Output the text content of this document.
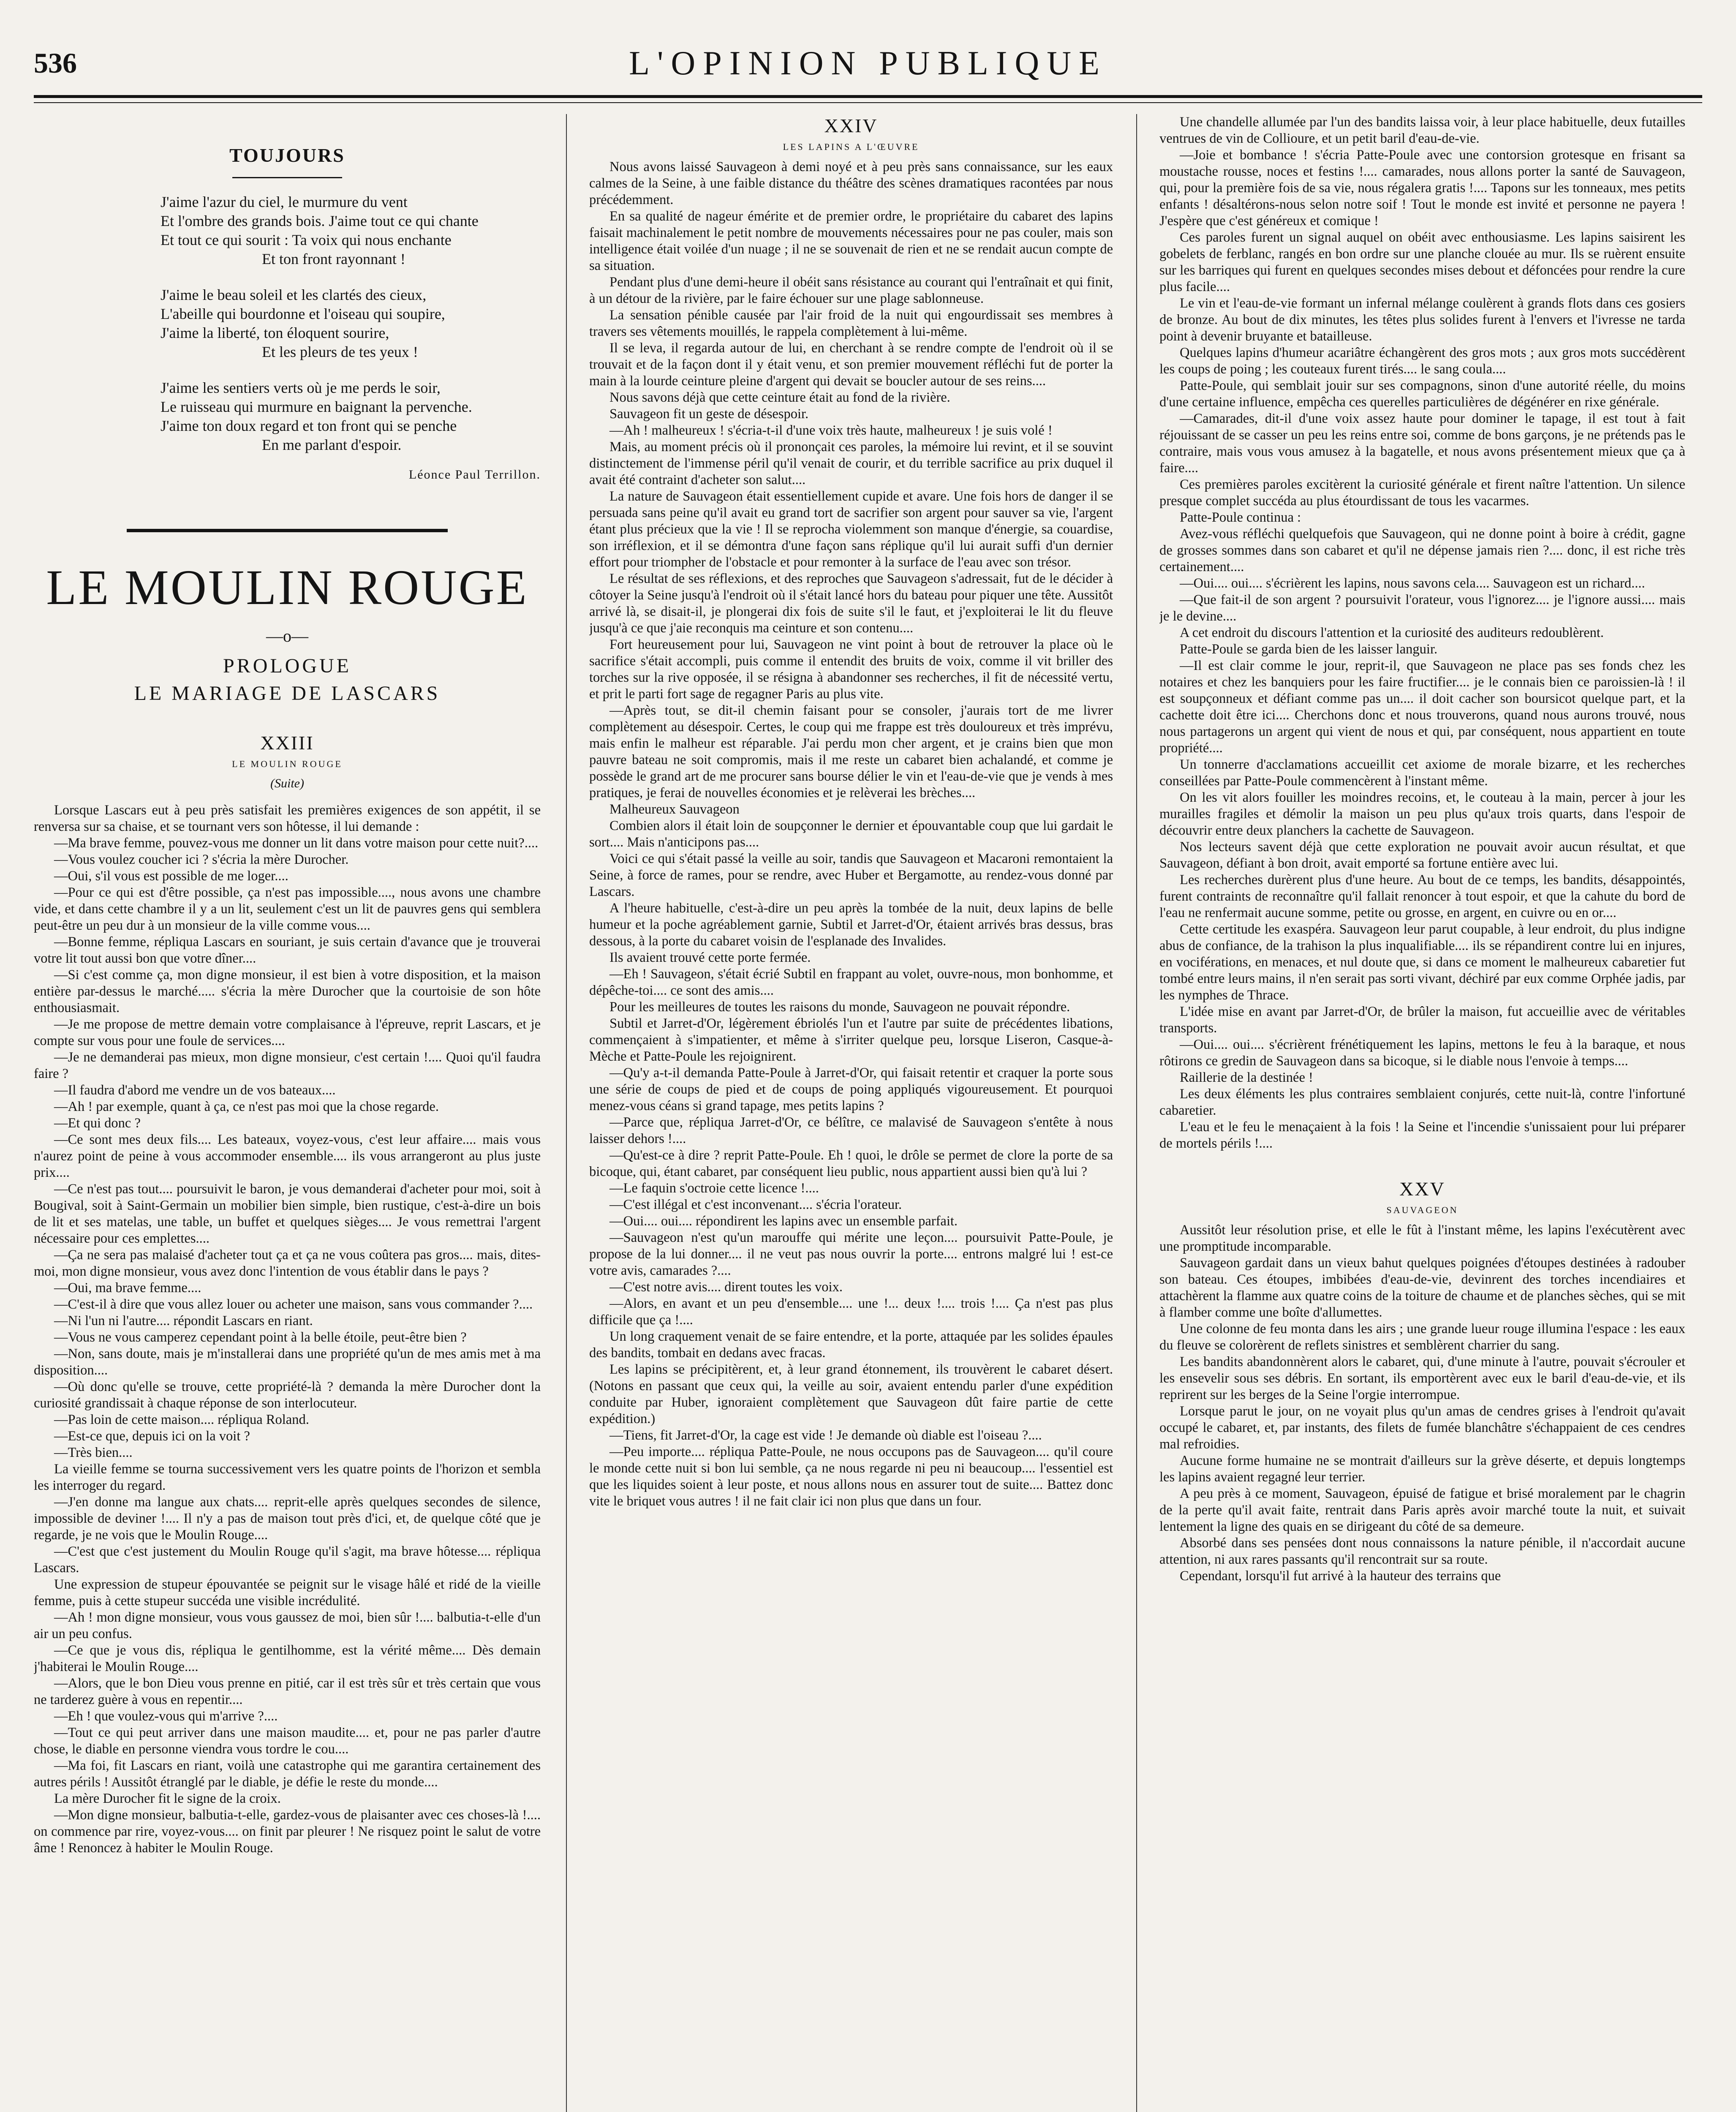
536	L'OPINION PUBLIQUE
TOUJOURS
J'aime l'azur du ciel, le murmure du vent
Et l'ombre des grands bois. J'aime tout ce qui chante
Et tout ce qui sourit : Ta voix qui nous enchante
Et ton front rayonnant !
J'aime le beau soleil et les clartés des cieux,
L'abeille qui bourdonne et l'oiseau qui soupire,
J'aime la liberté, ton éloquent sourire,
Et les pleurs de tes yeux !
J'aime les sentiers verts où je me perds le soir,
Le ruisseau qui murmure en baignant la pervenche.
J'aime ton doux regard et ton front qui se penche
En me parlant d'espoir.
Léonce Paul Terrillon.
LE MOULIN ROUGE
—o—
PROLOGUE
LE MARIAGE DE LASCARS
XXIII
LE MOULIN ROUGE
(Suite)

Lorsque Lascars eut à peu près satisfait les premières exigences de son appétit, il se renversa sur sa chaise, et se tournant vers son hôtesse, il lui demande :

—Ma brave femme, pouvez-vous me donner un lit dans votre maison pour cette nuit?....

—Vous voulez coucher ici ? s'écria la mère Durocher.

—Oui, s'il vous est possible de me loger....

—Pour ce qui est d'être possible, ça n'est pas impossible...., nous avons une chambre vide, et dans cette chambre il y a un lit, seulement c'est un lit de pauvres gens qui semblera peut-être un peu dur à un monsieur de la ville comme vous....

—Bonne femme, répliqua Lascars en souriant, je suis certain d'avance que je trouverai votre lit tout aussi bon que votre dîner....

—Si c'est comme ça, mon digne monsieur, il est bien à votre disposition, et la maison entière par-dessus le marché..... s'écria la mère Durocher que la courtoisie de son hôte enthousiasmait.

—Je me propose de mettre demain votre complaisance à l'épreuve, reprit Lascars, et je compte sur vous pour une foule de services....

—Je ne demanderai pas mieux, mon digne monsieur, c'est certain !.... Quoi qu'il faudra faire ?

—Il faudra d'abord me vendre un de vos bateaux....

—Ah ! par exemple, quant à ça, ce n'est pas moi que la chose regarde.

—Et qui donc ?

—Ce sont mes deux fils.... Les bateaux, voyez-vous, c'est leur affaire.... mais vous n'aurez point de peine à vous accommoder ensemble.... ils vous arrangeront au plus juste prix....

—Ce n'est pas tout.... poursuivit le baron, je vous demanderai d'acheter pour moi, soit à Bougival, soit à Saint-Germain un mobilier bien simple, bien rustique, c'est-à-dire un bois de lit et ses matelas, une table, un buffet et quelques sièges.... Je vous remettrai l'argent nécessaire pour ces emplettes....

—Ça ne sera pas malaisé d'acheter tout ça et ça ne vous coûtera pas gros.... mais, dites-moi, mon digne monsieur, vous avez donc l'intention de vous établir dans le pays ?

—Oui, ma brave femme....

—C'est-il à dire que vous allez louer ou acheter une maison, sans vous commander ?....

—Ni l'un ni l'autre.... répondit Lascars en riant.

—Vous ne vous camperez cependant point à la belle étoile, peut-être bien ?

—Non, sans doute, mais je m'installerai dans une propriété qu'un de mes amis met à ma disposition....

—Où donc qu'elle se trouve, cette propriété-là ? demanda la mère Durocher dont la curiosité grandissait à chaque réponse de son interlocuteur.

—Pas loin de cette maison.... répliqua Roland.

—Est-ce que, depuis ici on la voit ?

—Très bien....

La vieille femme se tourna successivement vers les quatre points de l'horizon et sembla les interroger du regard.

—J'en donne ma langue aux chats.... reprit-elle après quelques secondes de silence, impossible de deviner !.... Il n'y a pas de maison tout près d'ici, et, de quelque côté que je regarde, je ne vois que le Moulin Rouge....

—C'est que c'est justement du Moulin Rouge qu'il s'agit, ma brave hôtesse.... répliqua Lascars.

Une expression de stupeur épouvantée se peignit sur le visage hâlé et ridé de la vieille femme, puis à cette stupeur succéda une visible incrédulité.

—Ah ! mon digne monsieur, vous vous gaussez de moi, bien sûr !.... balbutia-t-elle d'un air un peu confus.

—Ce que je vous dis, répliqua le gentilhomme, est la vérité même.... Dès demain j'habiterai le Moulin Rouge....

—Alors, que le bon Dieu vous prenne en pitié, car il est très sûr et très certain que vous ne tarderez guère à vous en repentir....

—Eh ! que voulez-vous qui m'arrive ?....

—Tout ce qui peut arriver dans une maison maudite.... et, pour ne pas parler d'autre chose, le diable en personne viendra vous tordre le cou....

—Ma foi, fit Lascars en riant, voilà une catastrophe qui me garantira certainement des autres périls ! Aussitôt étranglé par le diable, je défie le reste du monde....

La mère Durocher fit le signe de la croix.

—Mon digne monsieur, balbutia-t-elle, gardez-vous de plaisanter avec ces choses-là !.... on commence par rire, voyez-vous.... on finit par pleurer ! Ne risquez point le salut de votre âme ! Renoncez à habiter le Moulin Rouge.

XXIV
LES LAPINS A L'ŒUVRE

Nous avons laissé Sauvageon à demi noyé et à peu près sans connaissance, sur les eaux calmes de la Seine, à une faible distance du théâtre des scènes dramatiques racontées par nous précédemment.

En sa qualité de nageur émérite et de premier ordre, le propriétaire du cabaret des lapins faisait machinalement le petit nombre de mouvements nécessaires pour ne pas couler, mais son intelligence était voilée d'un nuage ; il ne se souvenait de rien et ne se rendait aucun compte de sa situation.

Pendant plus d'une demi-heure il obéit sans résistance au courant qui l'entraînait et qui finit, à un détour de la rivière, par le faire échouer sur une plage sablonneuse.

La sensation pénible causée par l'air froid de la nuit qui engourdissait ses membres à travers ses vêtements mouillés, le rappela complètement à lui-même.

Il se leva, il regarda autour de lui, en cherchant à se rendre compte de l'endroit où il se trouvait et de la façon dont il y était venu, et son premier mouvement réfléchi fut de porter la main à la lourde ceinture pleine d'argent qui devait se boucler autour de ses reins....

Nous savons déjà que cette ceinture était au fond de la rivière.

Sauvageon fit un geste de désespoir.

—Ah ! malheureux ! s'écria-t-il d'une voix très haute, malheureux ! je suis volé !

Mais, au moment précis où il prononçait ces paroles, la mémoire lui revint, et il se souvint distinctement de l'immense péril qu'il venait de courir, et du terrible sacrifice au prix duquel il avait été contraint d'acheter son salut....

La nature de Sauvageon était essentiellement cupide et avare. Une fois hors de danger il se persuada sans peine qu'il avait eu grand tort de sacrifier son argent pour sauver sa vie, l'argent étant plus précieux que la vie ! Il se reprocha violemment son manque d'énergie, sa couardise, son irréflexion, et il se démontra d'une façon sans réplique qu'il lui aurait suffi d'un dernier effort pour triompher de l'obstacle et pour remonter à la surface de l'eau avec son trésor.

Le résultat de ses réflexions, et des reproches que Sauvageon s'adressait, fut de le décider à côtoyer la Seine jusqu'à l'endroit où il s'était lancé hors du bateau pour piquer une tête. Aussitôt arrivé là, se disait-il, je plongerai dix fois de suite s'il le faut, et j'exploiterai le lit du fleuve jusqu'à ce que j'aie reconquis ma ceinture et son contenu....

Fort heureusement pour lui, Sauvageon ne vint point à bout de retrouver la place où le sacrifice s'était accompli, puis comme il entendit des bruits de voix, comme il vit briller des torches sur la rive opposée, il se résigna à abandonner ses recherches, il fit de nécessité vertu, et prit le parti fort sage de regagner Paris au plus vite.

—Après tout, se dit-il chemin faisant pour se consoler, j'aurais tort de me livrer complètement au désespoir. Certes, le coup qui me frappe est très douloureux et très imprévu, mais enfin le malheur est réparable. J'ai perdu mon cher argent, et je crains bien que mon pauvre bateau ne soit compromis, mais il me reste un cabaret bien achalandé, et comme je possède le grand art de me procurer sans bourse délier le vin et l'eau-de-vie que je vends à mes pratiques, je ferai de nouvelles économies et je relèverai les brèches....

Malheureux Sauvageon

Combien alors il était loin de soupçonner le dernier et épouvantable coup que lui gardait le sort.... Mais n'anticipons pas....

Voici ce qui s'était passé la veille au soir, tandis que Sauvageon et Macaroni remontaient la Seine, à force de rames, pour se rendre, avec Huber et Bergamotte, au rendez-vous donné par Lascars.

A l'heure habituelle, c'est-à-dire un peu après la tombée de la nuit, deux lapins de belle humeur et la poche agréablement garnie, Subtil et Jarret-d'Or, étaient arrivés bras dessus, bras dessous, à la porte du cabaret voisin de l'esplanade des Invalides.

Ils avaient trouvé cette porte fermée.

—Eh ! Sauvageon, s'était écrié Subtil en frappant au volet, ouvre-nous, mon bonhomme, et dépêche-toi.... ce sont des amis....

Pour les meilleures de toutes les raisons du monde, Sauvageon ne pouvait répondre.

Subtil et Jarret-d'Or, légèrement ébriolés l'un et l'autre par suite de précédentes libations, commençaient à s'impatienter, et même à s'irriter quelque peu, lorsque Liseron, Casque-à-Mèche et Patte-Poule les rejoignirent.

—Qu'y a-t-il demanda Patte-Poule à Jarret-d'Or, qui faisait retentir et craquer la porte sous une série de coups de pied et de coups de poing appliqués vigoureusement. Et pourquoi menez-vous céans si grand tapage, mes petits lapins ?

—Parce que, répliqua Jarret-d'Or, ce bélître, ce malavisé de Sauvageon s'entête à nous laisser dehors !....

—Qu'est-ce à dire ? reprit Patte-Poule. Eh ! quoi, le drôle se permet de clore la porte de sa bicoque, qui, étant cabaret, par conséquent lieu public, nous appartient aussi bien qu'à lui ?

—Le faquin s'octroie cette licence !....

—C'est illégal et c'est inconvenant.... s'écria l'orateur.

—Oui.... oui.... répondirent les lapins avec un ensemble parfait.

—Sauvageon n'est qu'un marouffe qui mérite une leçon.... poursuivit Patte-Poule, je propose de la lui donner.... il ne veut pas nous ouvrir la porte.... entrons malgré lui ! est-ce votre avis, camarades ?....

—C'est notre avis.... dirent toutes les voix.

—Alors, en avant et un peu d'ensemble.... une !... deux !.... trois !.... Ça n'est pas plus difficile que ça !....

Un long craquement venait de se faire entendre, et la porte, attaquée par les solides épaules des bandits, tombait en dedans avec fracas.

Les lapins se précipitèrent, et, à leur grand étonnement, ils trouvèrent le cabaret désert. (Notons en passant que ceux qui, la veille au soir, avaient entendu parler d'une expédition conduite par Huber, ignoraient complètement que Sauvageon dût faire partie de cette expédition.)

—Tiens, fit Jarret-d'Or, la cage est vide ! Je demande où diable est l'oiseau ?....

—Peu importe.... répliqua Patte-Poule, ne nous occupons pas de Sauvageon.... qu'il coure le monde cette nuit si bon lui semble, ça ne nous regarde ni peu ni beaucoup.... l'essentiel est que les liquides soient à leur poste, et nous allons nous en assurer tout de suite.... Battez donc vite le briquet vous autres ! il ne fait clair ici non plus que dans un four.

Une chandelle allumée par l'un des bandits laissa voir, à leur place habituelle, deux futailles ventrues de vin de Collioure, et un petit baril d'eau-de-vie.

—Joie et bombance ! s'écria Patte-Poule avec une contorsion grotesque en frisant sa moustache rousse, noces et festins !.... camarades, nous allons porter la santé de Sauvageon, qui, pour la première fois de sa vie, nous régalera gratis !.... Tapons sur les tonneaux, mes petits enfants ! désaltérons-nous selon notre soif ! Tout le monde est invité et personne ne payera ! J'espère que c'est généreux et comique !

Ces paroles furent un signal auquel on obéit avec enthousiasme. Les lapins saisirent les gobelets de ferblanc, rangés en bon ordre sur une planche clouée au mur. Ils se ruèrent ensuite sur les barriques qui furent en quelques secondes mises debout et défoncées pour rendre la cure plus facile....

Le vin et l'eau-de-vie formant un infernal mélange coulèrent à grands flots dans ces gosiers de bronze. Au bout de dix minutes, les têtes plus solides furent à l'envers et l'ivresse ne tarda point à devenir bruyante et batailleuse.

Quelques lapins d'humeur acariâtre échangèrent des gros mots ; aux gros mots succédèrent les coups de poing ; les couteaux furent tirés.... le sang coula....

Patte-Poule, qui semblait jouir sur ses compagnons, sinon d'une autorité réelle, du moins d'une certaine influence, empêcha ces querelles particulières de dégénérer en rixe générale.

—Camarades, dit-il d'une voix assez haute pour dominer le tapage, il est tout à fait réjouissant de se casser un peu les reins entre soi, comme de bons garçons, je ne prétends pas le contraire, mais vous vous amusez à la bagatelle, et nous avons présentement mieux que ça à faire....

Ces premières paroles excitèrent la curiosité générale et firent naître l'attention. Un silence presque complet succéda au plus étourdissant de tous les vacarmes.

Patte-Poule continua :

Avez-vous réfléchi quelquefois que Sauvageon, qui ne donne point à boire à crédit, gagne de grosses sommes dans son cabaret et qu'il ne dépense jamais rien ?.... donc, il est riche très certainement....

—Oui.... oui.... s'écrièrent les lapins, nous savons cela.... Sauvageon est un richard....

—Que fait-il de son argent ? poursuivit l'orateur, vous l'ignorez.... je l'ignore aussi.... mais je le devine....

A cet endroit du discours l'attention et la curiosité des auditeurs redoublèrent.

Patte-Poule se garda bien de les laisser languir.

—Il est clair comme le jour, reprit-il, que Sauvageon ne place pas ses fonds chez les notaires et chez les banquiers pour les faire fructifier.... je le connais bien ce paroissien-là ! il est soupçonneux et défiant comme pas un.... il doit cacher son boursicot quelque part, et la cachette doit être ici.... Cherchons donc et nous trouverons, quand nous aurons trouvé, nous nous partagerons un argent qui vient de nous et qui, par conséquent, nous appartient en toute propriété....

Un tonnerre d'acclamations accueillit cet axiome de morale bizarre, et les recherches conseillées par Patte-Poule commencèrent à l'instant même.

On les vit alors fouiller les moindres recoins, et, le couteau à la main, percer à jour les murailles fragiles et démolir la maison un peu plus qu'aux trois quarts, dans l'espoir de découvrir entre deux planchers la cachette de Sauvageon.

Nos lecteurs savent déjà que cette exploration ne pouvait avoir aucun résultat, et que Sauvageon, défiant à bon droit, avait emporté sa fortune entière avec lui.

Les recherches durèrent plus d'une heure. Au bout de ce temps, les bandits, désappointés, furent contraints de reconnaître qu'il fallait renoncer à tout espoir, et que la cahute du bord de l'eau ne renfermait aucune somme, petite ou grosse, en argent, en cuivre ou en or....

Cette certitude les exaspéra. Sauvageon leur parut coupable, à leur endroit, du plus indigne abus de confiance, de la trahison la plus inqualifiable.... ils se répandirent contre lui en injures, en vociférations, en menaces, et nul doute que, si dans ce moment le malheureux cabaretier fut tombé entre leurs mains, il n'en serait pas sorti vivant, déchiré par eux comme Orphée jadis, par les nymphes de Thrace.

L'idée mise en avant par Jarret-d'Or, de brûler la maison, fut accueillie avec de véritables transports.

—Oui.... oui.... s'écrièrent frénétiquement les lapins, mettons le feu à la baraque, et nous rôtirons ce gredin de Sauvageon dans sa bicoque, si le diable nous l'envoie à temps....

Raillerie de la destinée !

Les deux éléments les plus contraires semblaient conjurés, cette nuit-là, contre l'infortuné cabaretier.

L'eau et le feu le menaçaient à la fois ! la Seine et l'incendie s'unissaient pour lui préparer de mortels périls !....

XXV
SAUVAGEON

Aussitôt leur résolution prise, et elle le fût à l'instant même, les lapins l'exécutèrent avec une promptitude incomparable.

Sauvageon gardait dans un vieux bahut quelques poignées d'étoupes destinées à radouber son bateau. Ces étoupes, imbibées d'eau-de-vie, devinrent des torches incendiaires et attachèrent la flamme aux quatre coins de la toiture de chaume et de planches sèches, qui se mit à flamber comme une boîte d'allumettes.

Une colonne de feu monta dans les airs ; une grande lueur rouge illumina l'espace : les eaux du fleuve se colorèrent de reflets sinistres et semblèrent charrier du sang.

Les bandits abandonnèrent alors le cabaret, qui, d'une minute à l'autre, pouvait s'écrouler et les ensevelir sous ses débris. En sortant, ils emportèrent avec eux le baril d'eau-de-vie, et ils reprirent sur les berges de la Seine l'orgie interrompue.

Lorsque parut le jour, on ne voyait plus qu'un amas de cendres grises à l'endroit qu'avait occupé le cabaret, et, par instants, des filets de fumée blanchâtre s'échappaient de ces cendres mal refroidies.

Aucune forme humaine ne se montrait d'ailleurs sur la grève déserte, et depuis longtemps les lapins avaient regagné leur terrier.

A peu près à ce moment, Sauvageon, épuisé de fatigue et brisé moralement par le chagrin de la perte qu'il avait faite, rentrait dans Paris après avoir marché toute la nuit, et suivait lentement la ligne des quais en se dirigeant du côté de sa demeure.

Absorbé dans ses pensées dont nous connaissons la nature pénible, il n'accordait aucune attention, ni aux rares passants qu'il rencontrait sur sa route.

Cependant, lorsqu'il fut arrivé à la hauteur des terrains que
